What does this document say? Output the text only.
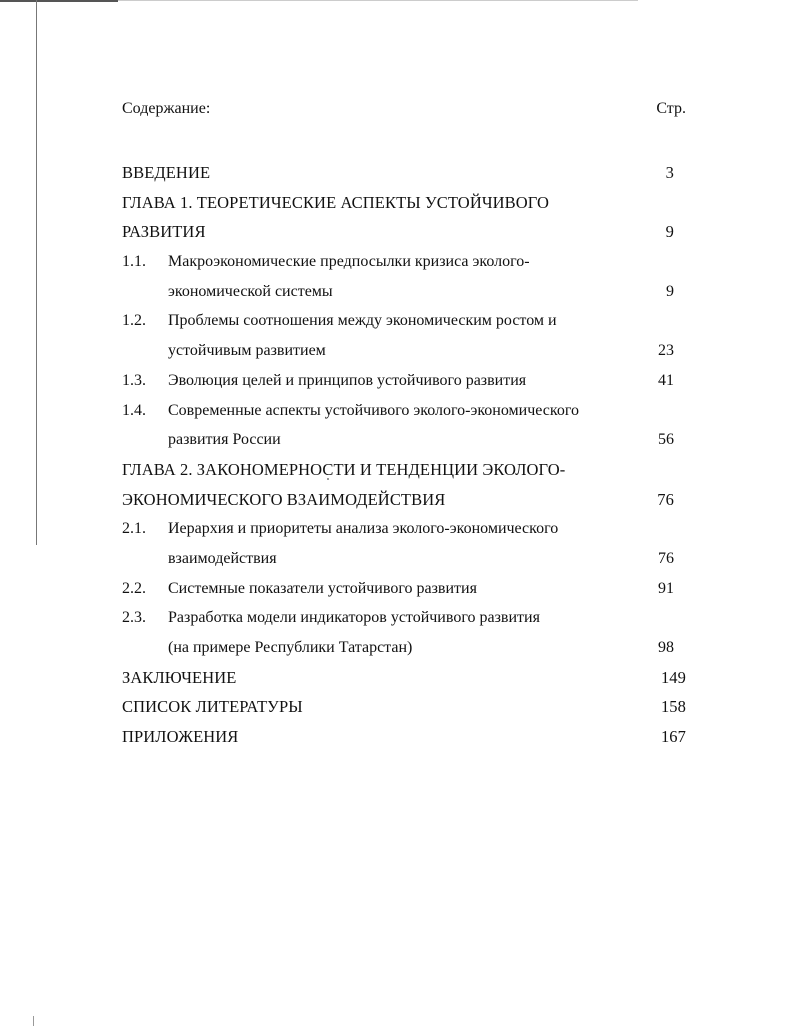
Содержание:	Стр.
ВВЕДЕНИЕ	3
ГЛАВА 1. ТЕОРЕТИЧЕСКИЕ АСПЕКТЫ УСТОЙЧИВОГО
РАЗВИТИЯ	9
1.1. Макроэкономические предпосылки кризиса эколого-
экономической системы	9
1.2. Проблемы соотношения между экономическим ростом и
устойчивым развитием	23
1.3. Эволюция целей и принципов устойчивого развития	41
1.4. Современные аспекты устойчивого эколого-экономического
развития России	56
ГЛАВА 2. ЗАКОНОМЕРНОСТИ И ТЕНДЕНЦИИ ЭКОЛОГО-
ЭКОНОМИЧЕСКОГО ВЗАИМОДЕЙСТВИЯ	76
2.1. Иерархия и приоритеты анализа эколого-экономического
взаимодействия	76
2.2. Системные показатели устойчивого развития	91
2.3. Разработка модели индикаторов устойчивого развития
(на примере Республики Татарстан)	98
ЗАКЛЮЧЕНИЕ	149
СПИСОК ЛИТЕРАТУРЫ	158
ПРИЛОЖЕНИЯ	167
